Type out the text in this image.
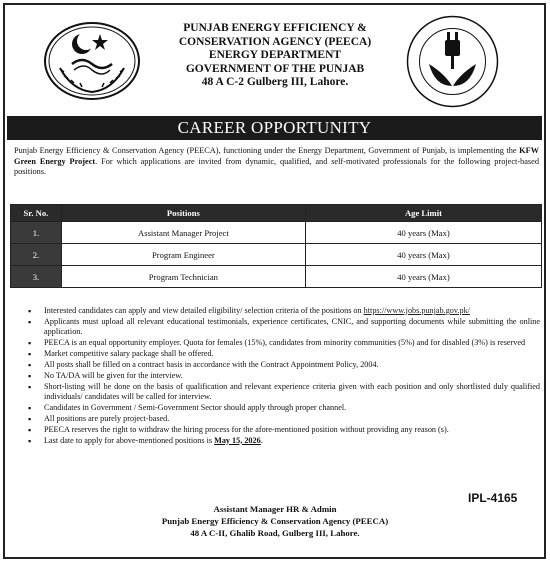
PUNJAB ENERGY EFFICIENCY &
CONSERVATION AGENCY (PEECA)
ENERGY DEPARTMENT
GOVERNMENT OF THE PUNJAB
48 A C-2 Gulberg III, Lahore.
CAREER OPPORTUNITY
Punjab Energy Efficiency & Conservation Agency (PEECA), functioning under the Energy Department, Government of Punjab, is implementing the KFW Green Energy Project. For which applications are invited from dynamic, qualified, and self-motivated professionals for the following project-based positions.
Sr. No.	Positions	Age Limit
1.	Assistant Manager Project	40 years (Max)
2.	Program Engineer	40 years (Max)
3.	Program Technician	40 years (Max)
▪ Interested candidates can apply and view detailed eligibility/ selection criteria of the positions on https://www.jobs.punjab.gov.pk/
▪ Applicants must upload all relevant educational testimonials, experience certificates, CNIC, and supporting documents while submitting the online application.
▪ PEECA is an equal opportunity employer. Quota for females (15%), candidates from minority communities (5%) and for disabled (3%) is reserved
▪ Market competitive salary package shall be offered.
▪ All posts shall be filled on a contract basis in accordance with the Contract Appointment Policy, 2004.
▪ No TA/DA will be given for the interview.
▪ Short-listing will be done on the basis of qualification and relevant experience criteria given with each position and only shortlisted duly qualified individuals/ candidates will be called for interview.
▪ Candidates in Government / Semi-Government Sector should apply through proper channel.
▪ All positions are purely project-based.
▪ PEECA reserves the right to withdraw the hiring process for the afore-mentioned position without providing any reason (s).
▪ Last date to apply for above-mentioned positions is May 15, 2026.
IPL-4165
Assistant Manager HR & Admin
Punjab Energy Efficiency & Conservation Agency (PEECA)
48 A C-II, Ghalib Road, Gulberg III, Lahore.
